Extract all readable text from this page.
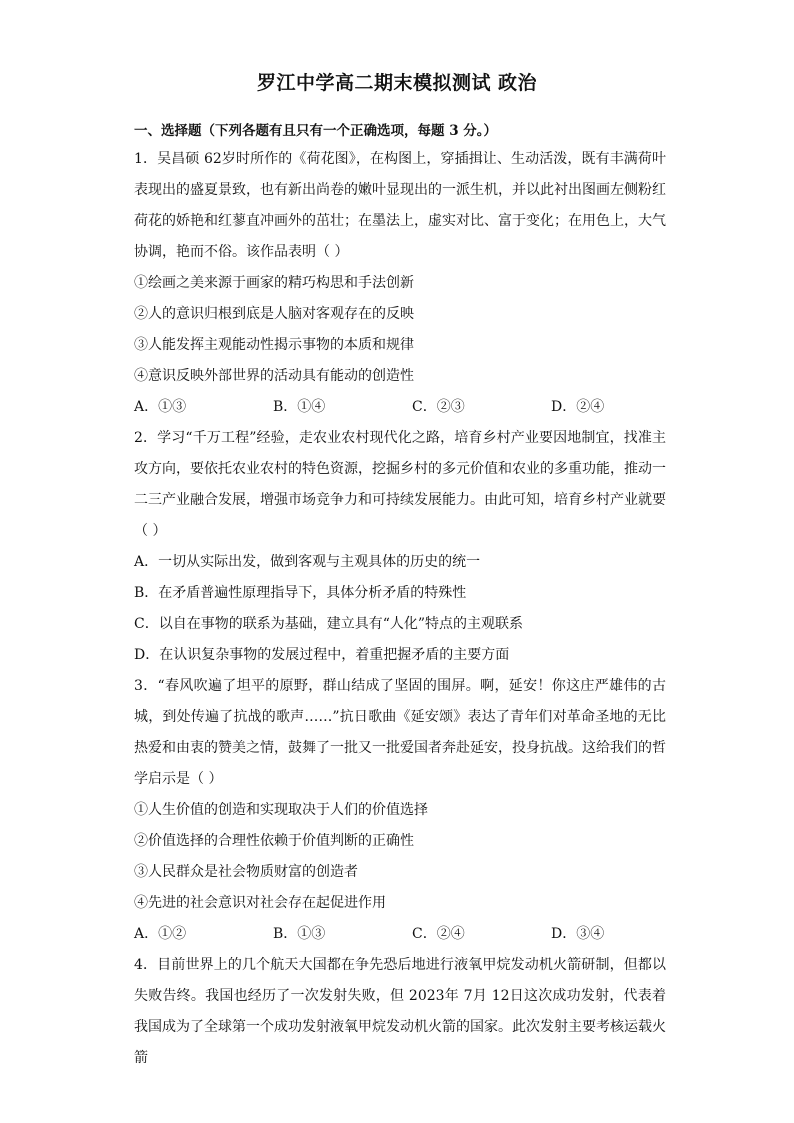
罗江中学高二期末模拟测试 政治
一、选择题（下列各题有且只有一个正确选项，每题 3 分。）

1．吴昌硕 62岁时所作的《荷花图》，在构图上，穿插揖让、生动活泼，既有丰满荷叶表现出的盛夏景致，也有新出尚卷的嫩叶显现出的一派生机，并以此衬出图画左侧粉红荷花的娇艳和红蓼直冲画外的茁壮；在墨法上，虚实对比、富于变化；在用色上，大气协调，艳而不俗。该作品表明（ ）

①绘画之美来源于画家的精巧构思和手法创新

②人的意识归根到底是人脑对客观存在的反映

③人能发挥主观能动性揭示事物的本质和规律

④意识反映外部世界的活动具有能动的创造性

A．①③	B．①④	C．②③	D．②④

2．学习“千万工程”经验，走农业农村现代化之路，培育乡村产业要因地制宜，找准主攻方向，要依托农业农村的特色资源，挖掘乡村的多元价值和农业的多重功能，推动一二三产业融合发展，增强市场竞争力和可持续发展能力。由此可知，培育乡村产业就要（ ）

A．一切从实际出发，做到客观与主观具体的历史的统一

B．在矛盾普遍性原理指导下，具体分析矛盾的特殊性

C．以自在事物的联系为基础，建立具有“人化”特点的主观联系

D．在认识复杂事物的发展过程中，着重把握矛盾的主要方面

3．“春风吹遍了坦平的原野，群山结成了坚固的围屏。啊，延安！你这庄严雄伟的古城，到处传遍了抗战的歌声……”抗日歌曲《延安颂》表达了青年们对革命圣地的无比热爱和由衷的赞美之情，鼓舞了一批又一批爱国者奔赴延安，投身抗战。这给我们的哲学启示是（ ）

①人生价值的创造和实现取决于人们的价值选择

②价值选择的合理性依赖于价值判断的正确性

③人民群众是社会物质财富的创造者

④先进的社会意识对社会存在起促进作用

A．①②	B．①③	C．②④	D．③④

4．目前世界上的几个航天大国都在争先恐后地进行液氧甲烷发动机火箭研制，但都以失败告终。我国也经历了一次发射失败，但 2023年 7月 12日这次成功发射，代表着我国成为了全球第一个成功发射液氧甲烷发动机火箭的国家。此次发射主要考核运载火箭
